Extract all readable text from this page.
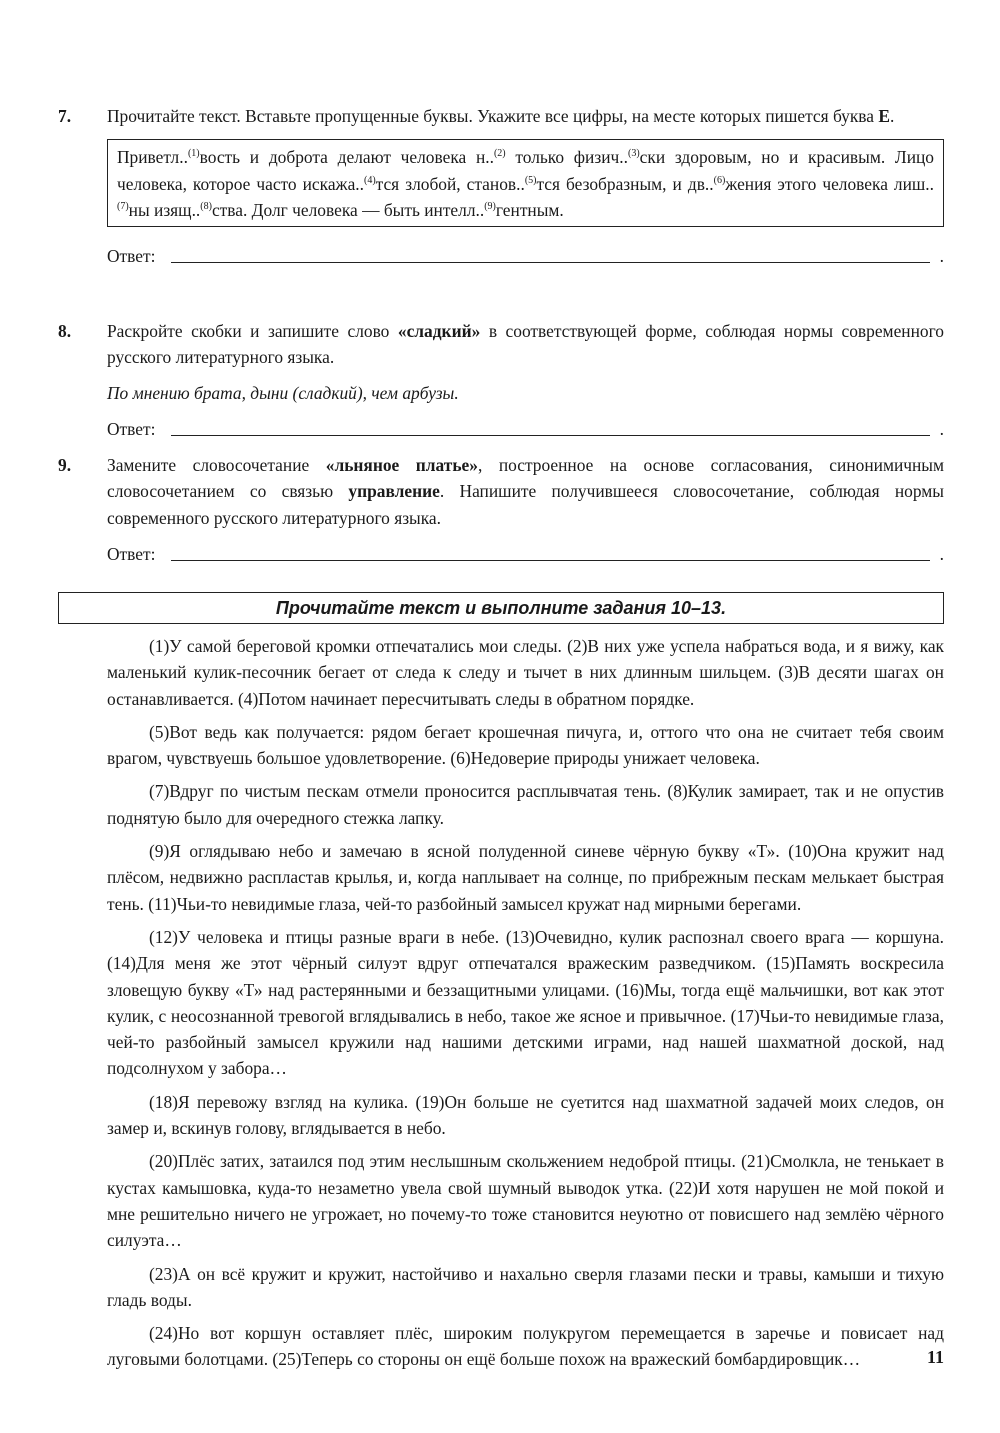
7. Прочитайте текст. Вставьте пропущенные буквы. Укажите все цифры, на месте которых пишется буква Е.

Приветл..$^{(1)}$вость и доброта делают человека н..$^{(2)}$ только физич..$^{(3)}$ски здоровым, но и красивым. Лицо человека, которое часто искажа..$^{(4)}$тся злобой, станов..$^{(5)}$тся безобразным, и дв..$^{(6)}$жения этого человека лиш..$^{(7)}$ны изящ..$^{(8)}$ства. Долг человека — быть интелл..$^{(9)}$гентным.
Ответ:	.
8. Раскройте скобки и запишите слово «сладкий» в соответствующей форме, соблюдая нормы современного русского литературного языка.

По мнению брата, дыни (сладкий), чем арбузы.

Ответ:	.
9. Замените словосочетание «льняное платье», построенное на основе согласования, синонимичным словосочетанием со связью управление. Напишите получившееся словосочетание, соблюдая нормы современного русского литературного языка.

Ответ:	.
Прочитайте текст и выполните задания 10–13.

(1)У самой береговой кромки отпечатались мои следы. (2)В них уже успела набраться вода, и я вижу, как маленький кулик-песочник бегает от следа к следу и тычет в них длинным шильцем. (3)В десяти шагах он останавливается. (4)Потом начинает пересчитывать следы в обратном порядке.

(5)Вот ведь как получается: рядом бегает крошечная пичуга, и, оттого что она не считает тебя своим врагом, чувствуешь большое удовлетворение. (6)Недоверие природы унижает человека.

(7)Вдруг по чистым пескам отмели проносится расплывчатая тень. (8)Кулик замирает, так и не опустив поднятую было для очередного стежка лапку.

(9)Я оглядываю небо и замечаю в ясной полуденной синеве чёрную букву «Т». (10)Она кружит над плёсом, недвижно распластав крылья, и, когда наплывает на солнце, по прибрежным пескам мелькает быстрая тень. (11)Чьи-то невидимые глаза, чей-то разбойный замысел кружат над мирными берегами.

(12)У человека и птицы разные враги в небе. (13)Очевидно, кулик распознал своего врага — коршуна. (14)Для меня же этот чёрный силуэт вдруг отпечатался вражеским разведчиком. (15)Память воскресила зловещую букву «Т» над растерянными и беззащитными улицами. (16)Мы, тогда ещё мальчишки, вот как этот кулик, с неосознанной тревогой вглядывались в небо, такое же ясное и привычное. (17)Чьи-то невидимые глаза, чей-то разбойный замысел кружили над нашими детскими играми, над нашей шахматной доской, над подсолнухом у забора…

(18)Я перевожу взгляд на кулика. (19)Он больше не суетится над шахматной задачей моих следов, он замер и, вскинув голову, вглядывается в небо.

(20)Плёс затих, затаился под этим неслышным скольжением недоброй птицы. (21)Смолкла, не тенькает в кустах камышовка, куда-то незаметно увела свой шумный выводок утка. (22)И хотя нарушен не мой покой и мне решительно ничего не угрожает, но почему-то тоже становится неуютно от повисшего над землёю чёрного силуэта…

(23)А он всё кружит и кружит, настойчиво и нахально сверля глазами пески и травы, камыши и тихую гладь воды.

(24)Но вот коршун оставляет плёс, широким полукругом перемещается в заречье и повисает над луговыми болотцами. (25)Теперь со стороны он ещё больше похож на вражеский бомбардировщик…	11
